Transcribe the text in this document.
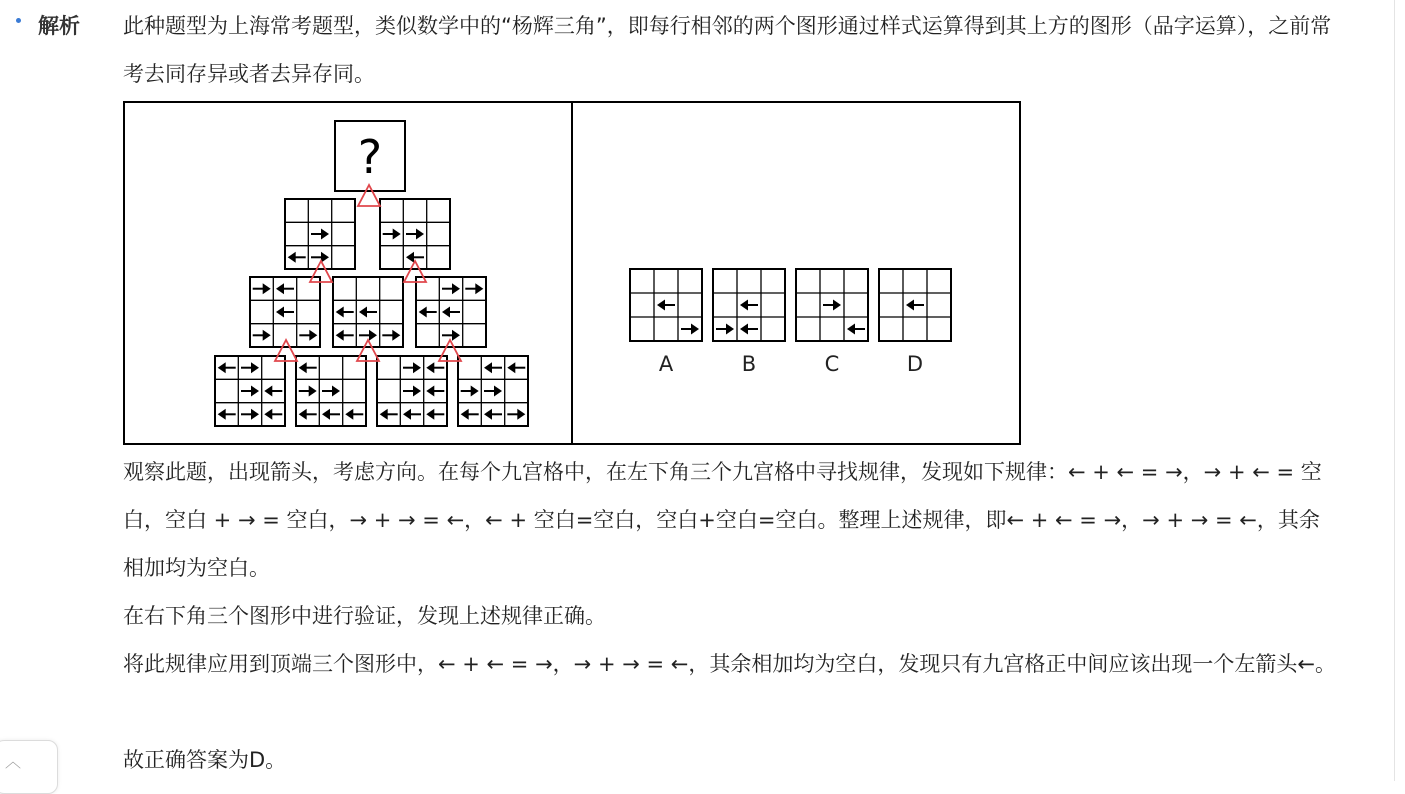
解析 此种题型为上海常考题型，类似数学中的“杨辉三角”，即每行相邻的两个图形通过样式运算得到其上方的图形（品字运算），之前常考去同存异或者去异存同。
?
A	B	C	D
观察此题，出现箭头，考虑方向。在每个九宫格中，在左下角三个九宫格中寻找规律，发现如下规律：← + ← = →，→ + ← = 空白，空白 + → = 空白，→ + → = ←，← + 空白=空白，空白+空白=空白。整理上述规律，即← + ← = →，→ + → = ←，其余相加均为空白。
在右下角三个图形中进行验证，发现上述规律正确。
将此规律应用到顶端三个图形中，← + ← = →，→ + → = ←，其余相加均为空白，发现只有九宫格正中间应该出现一个左箭头←。
故正确答案为D。
︿
